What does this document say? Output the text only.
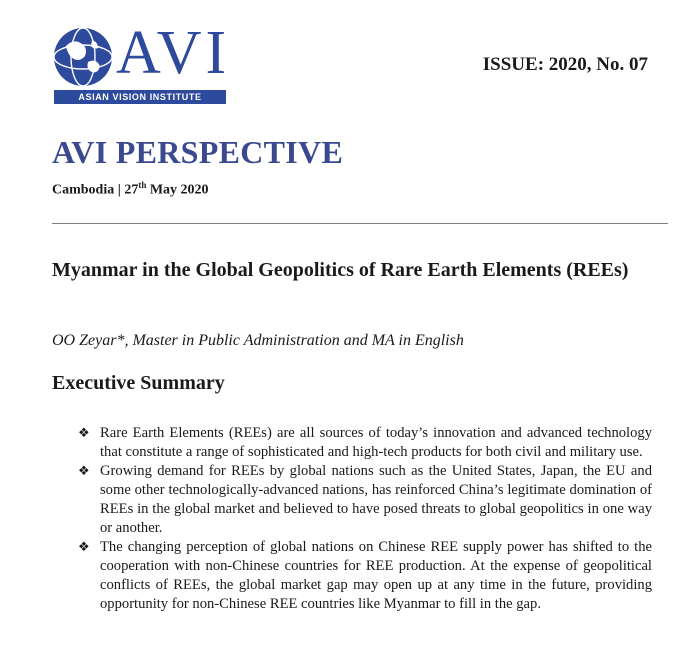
AVI
ASIAN VISION INSTITUTE
ISSUE: 2020, No. 07
AVI PERSPECTIVE
Cambodia | 27th May 2020
Myanmar in the Global Geopolitics of Rare Earth Elements (REEs)
OO Zeyar*, Master in Public Administration and MA in English
Executive Summary
❖ Rare Earth Elements (REEs) are all sources of today’s innovation and advanced technology that constitute a range of sophisticated and high-tech products for both civil and military use.
❖ Growing demand for REEs by global nations such as the United States, Japan, the EU and some other technologically-advanced nations, has reinforced China’s legitimate domination of REEs in the global market and believed to have posed threats to global geopolitics in one way or another.
❖ The changing perception of global nations on Chinese REE supply power has shifted to the cooperation with non-Chinese countries for REE production. At the expense of geopolitical conflicts of REEs, the global market gap may open up at any time in the future, providing opportunity for non-Chinese REE countries like Myanmar to fill in the gap.
